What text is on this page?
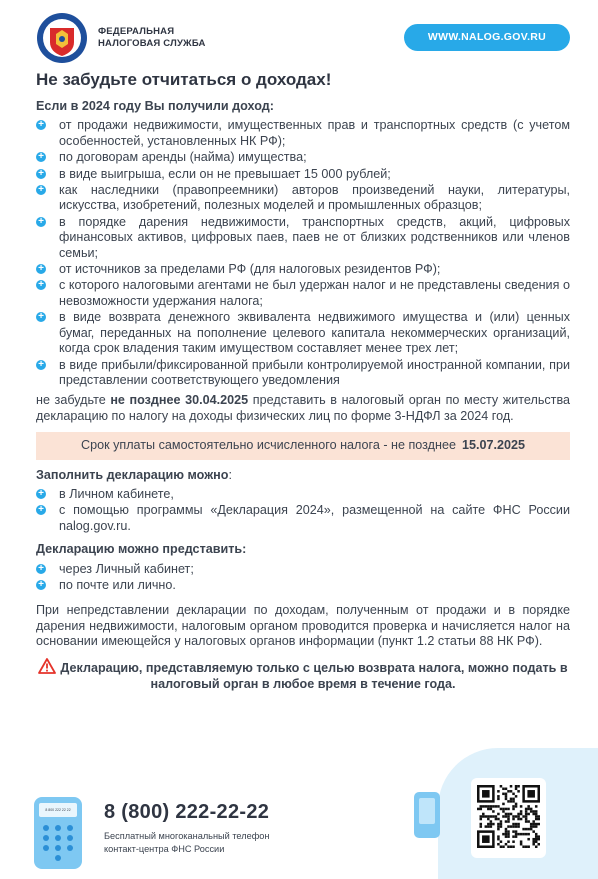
ФЕДЕРАЛЬНАЯ
НАЛОГОВАЯ СЛУЖБА
WWW.NALOG.GOV.RU
Не забудьте отчитаться о доходах!
Если в 2024 году Вы получили доход:
+ от продажи недвижимости, имущественных прав и транспортных средств (с учетом особенностей, установленных НК РФ);
+ по договорам аренды (найма) имущества;
+ в виде выигрыша, если он не превышает 15 000 рублей;
+ как наследники (правопреемники) авторов произведений науки, литературы, искусства, изобретений, полезных моделей и промышленных образцов;
+ в порядке дарения недвижимости, транспортных средств, акций, цифровых финансовых активов, цифровых паев, паев не от близких родственников или членов семьи;
+ от источников за пределами РФ (для налоговых резидентов РФ);
+ с которого налоговыми агентами не был удержан налог и не представлены сведения о невозможности удержания налога;
+ в виде возврата денежного эквивалента недвижимого имущества и (или) ценных бумаг, переданных на пополнение целевого капитала некоммерческих организаций, когда срок владения таким имуществом составляет менее трех лет;
+ в виде прибыли/фиксированной прибыли контролируемой иностранной компании, при представлении соответствующего уведомления
не забудьте не позднее 30.04.2025 представить в налоговый орган по месту жительства декларацию по налогу на доходы физических лиц по форме 3-НДФЛ за 2024 год.
Срок уплаты самостоятельно исчисленного налога - не позднее 15.07.2025
Заполнить декларацию можно:
+ в Личном кабинете,
+ с помощью программы «Декларация 2024», размещенной на сайте ФНС России nalog.gov.ru.
Декларацию можно представить:
+ через Личный кабинет;
+ по почте или лично.
При непредставлении декларации по доходам, полученным от продажи и в порядке дарения недвижимости, налоговым органом проводится проверка и начисляется налог на основании имеющейся у налоговых органов информации (пункт 1.2 статьи 88 НК РФ).
Декларацию, представляемую только с целью возврата налога, можно подать в налоговый орган в любое время в течение года.
8 800 222 22 22	8 (800) 222-22-22
Бесплатный многоканальный телефон
контакт-центра ФНС России
